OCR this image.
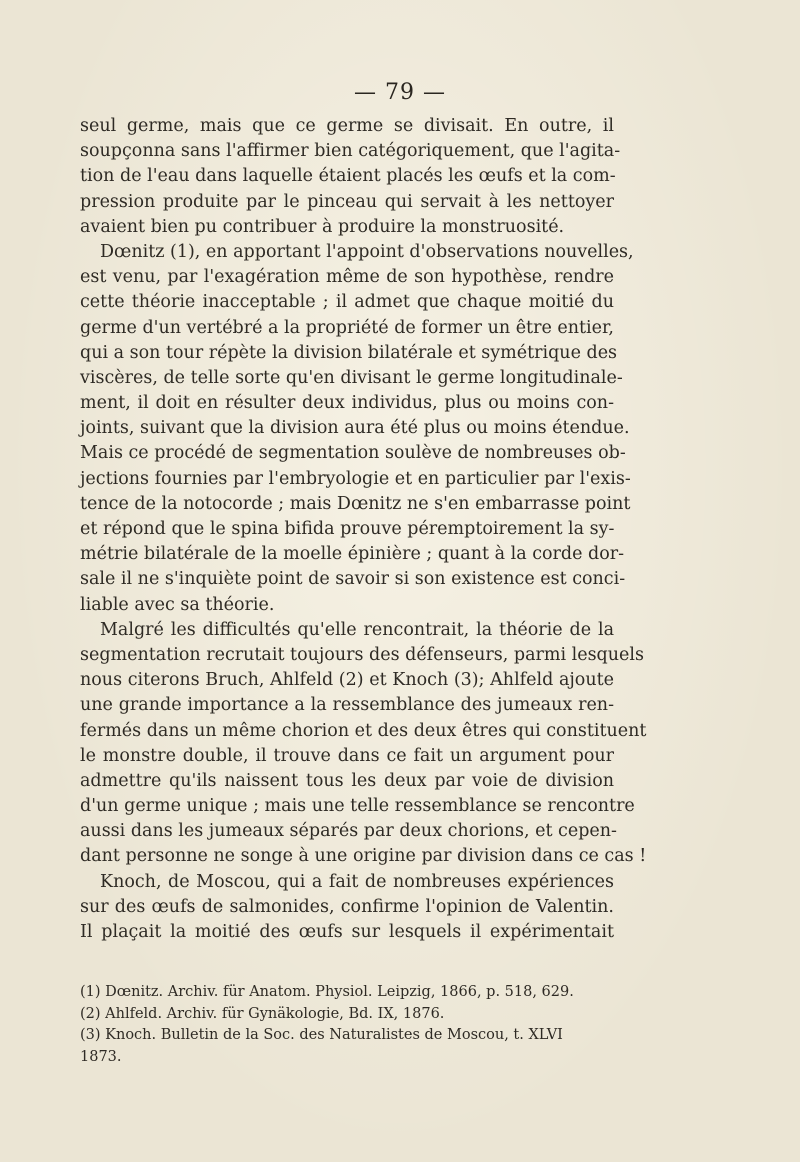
— 79 —
seul germe, mais que ce germe se divisait. En outre, il
soupçonna sans l'affirmer bien catégoriquement, que l'agita-
tion de l'eau dans laquelle étaient placés les œufs et la com-
pression produite par le pinceau qui servait à les nettoyer
avaient bien pu contribuer à produire la monstruosité.
Dœnitz (1), en apportant l'appoint d'observations nouvelles,
est venu, par l'exagération même de son hypothèse, rendre
cette théorie inacceptable ; il admet que chaque moitié du
germe d'un vertébré a la propriété de former un être entier,
qui a son tour répète la division bilatérale et symétrique des
viscères, de telle sorte qu'en divisant le germe longitudinale-
ment, il doit en résulter deux individus, plus ou moins con-
joints, suivant que la division aura été plus ou moins étendue.
Mais ce procédé de segmentation soulève de nombreuses ob-
jections fournies par l'embryologie et en particulier par l'exis-
tence de la notocorde ; mais Dœnitz ne s'en embarrasse point
et répond que le spina bifida prouve péremptoirement la sy-
métrie bilatérale de la moelle épinière ; quant à la corde dor-
sale il ne s'inquiète point de savoir si son existence est conci-
liable avec sa théorie.
Malgré les difficultés qu'elle rencontrait, la théorie de la
segmentation recrutait toujours des défenseurs, parmi lesquels
nous citerons Bruch, Ahlfeld (2) et Knoch (3); Ahlfeld ajoute
une grande importance a la ressemblance des jumeaux ren-
fermés dans un même chorion et des deux êtres qui constituent
le monstre double, il trouve dans ce fait un argument pour
admettre qu'ils naissent tous les deux par voie de division
d'un germe unique ; mais une telle ressemblance se rencontre
aussi dans les jumeaux séparés par deux chorions, et cepen-
dant personne ne songe à une origine par division dans ce cas !
Knoch, de Moscou, qui a fait de nombreuses expériences
sur des œufs de salmonides, confirme l'opinion de Valentin.
Il plaçait la moitié des œufs sur lesquels il expérimentait
(1) Dœnitz. Archiv. für Anatom. Physiol. Leipzig, 1866, p. 518, 629.
(2) Ahlfeld. Archiv. für Gynäkologie, Bd. IX, 1876.
(3) Knoch. Bulletin de la Soc. des Naturalistes de Moscou, t. XLVI
1873.
